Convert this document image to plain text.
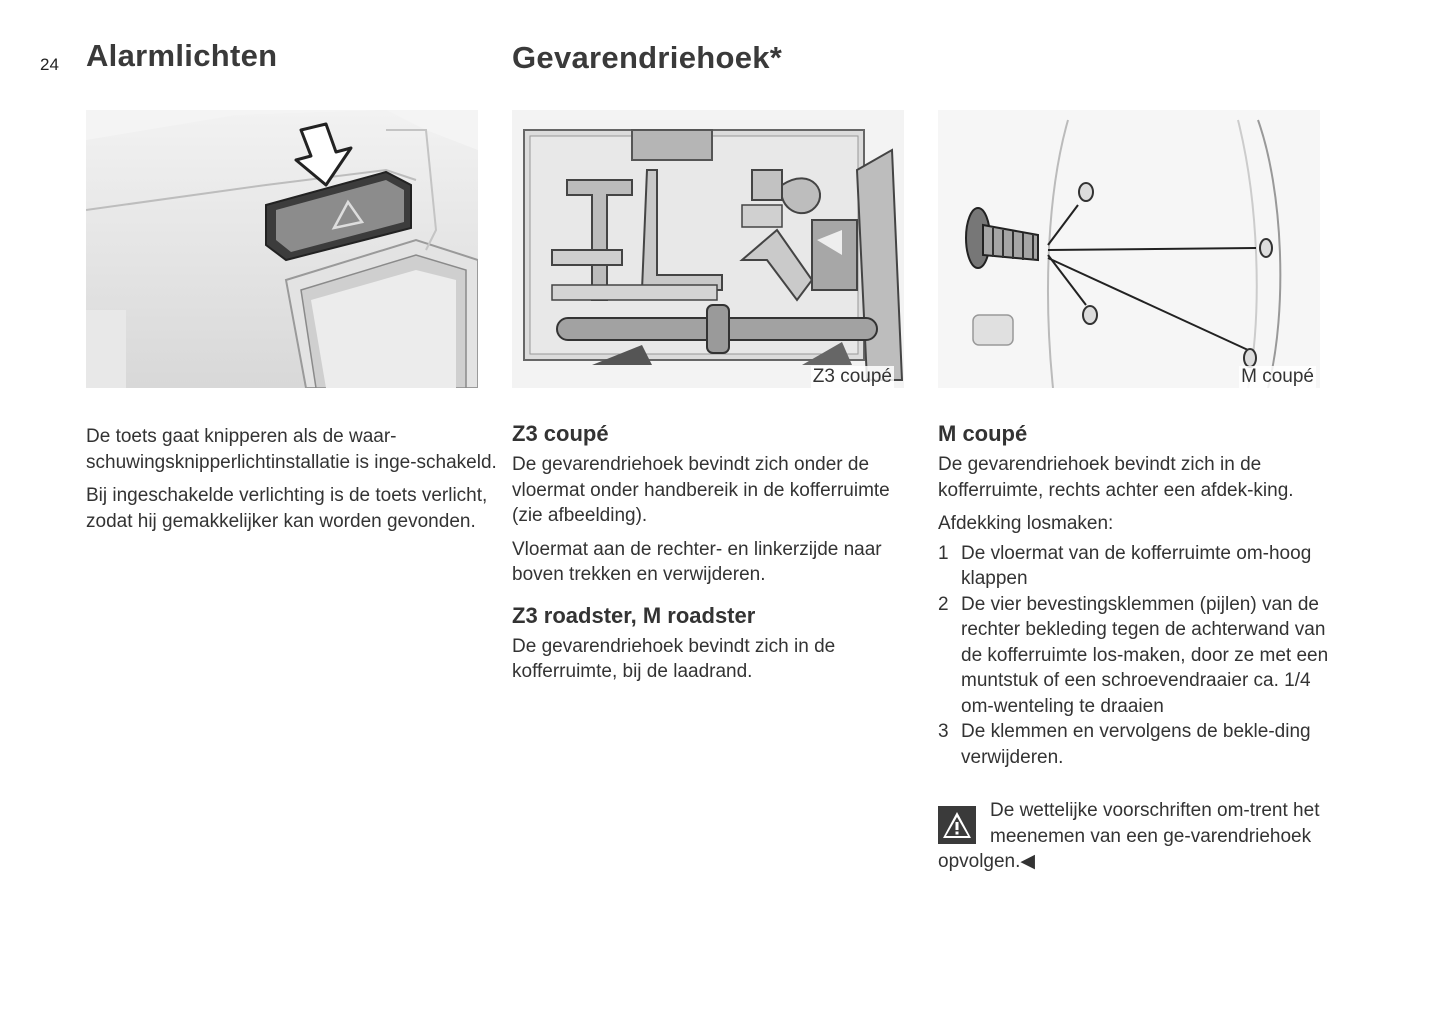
24 Alarmlichten	Gevarendriehoek*
Z3 coupé	M coupé

De toets gaat knipperen als de waar-schuwingsknipperlichtinstallatie is inge-schakeld.

Bij ingeschakelde verlichting is de toets verlicht, zodat hij gemakkelijker kan worden gevonden.

Z3 coupé

De gevarendriehoek bevindt zich onder de vloermat onder handbereik in de kofferruimte (zie afbeelding).

Vloermat aan de rechter- en linkerzijde naar boven trekken en verwijderen.

Z3 roadster, M roadster

De gevarendriehoek bevindt zich in de kofferruimte, bij de laadrand.

M coupé

De gevarendriehoek bevindt zich in de kofferruimte, rechts achter een afdek-king.

Afdekking losmaken:

1 De vloermat van de kofferruimte om-hoog klappen
2 De vier bevestingsklemmen (pijlen) van de rechter bekleding tegen de achterwand van de kofferruimte los-maken, door ze met een muntstuk of een schroevendraaier ca. 1/4 om-wenteling te draaien
3 De klemmen en vervolgens de bekle-ding verwijderen.
De wettelijke voorschriften om-trent het meenemen van een ge-varendriehoek opvolgen.◀
